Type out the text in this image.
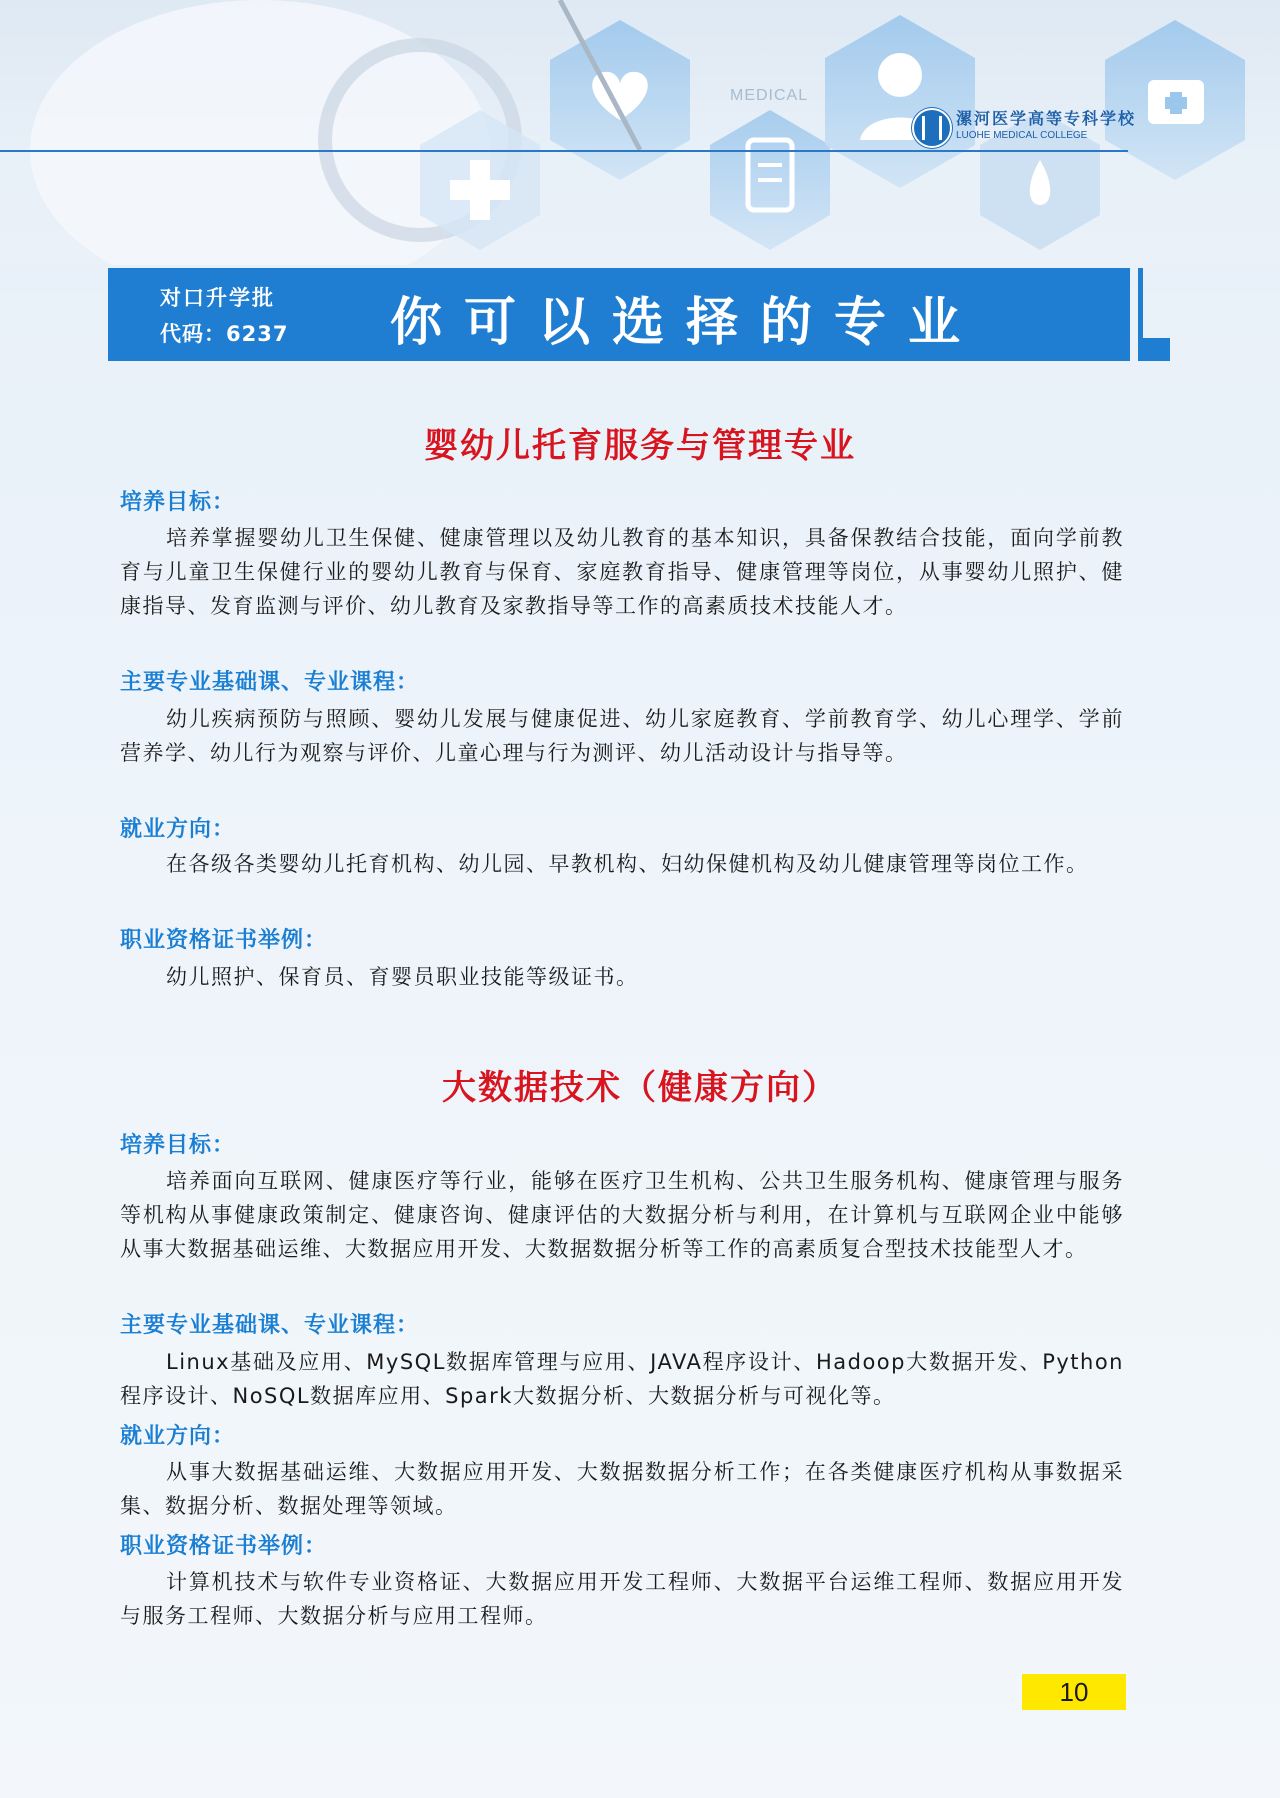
MEDICAL
漯河医学高等专科学校
LUOHE MEDICAL COLLEGE
对口升学批
代码：6237 你可以选择的专业
婴幼儿托育服务与管理专业
培养目标：

培养掌握婴幼儿卫生保健、健康管理以及幼儿教育的基本知识，具备保教结合技能，面向学前教育与儿童卫生保健行业的婴幼儿教育与保育、家庭教育指导、健康管理等岗位，从事婴幼儿照护、健康指导、发育监测与评价、幼儿教育及家教指导等工作的高素质技术技能人才。

主要专业基础课、专业课程：

幼儿疾病预防与照顾、婴幼儿发展与健康促进、幼儿家庭教育、学前教育学、幼儿心理学、学前营养学、幼儿行为观察与评价、儿童心理与行为测评、幼儿活动设计与指导等。

就业方向：

在各级各类婴幼儿托育机构、幼儿园、早教机构、妇幼保健机构及幼儿健康管理等岗位工作。

职业资格证书举例：

幼儿照护、保育员、育婴员职业技能等级证书。

大数据技术（健康方向）
培养目标：

培养面向互联网、健康医疗等行业，能够在医疗卫生机构、公共卫生服务机构、健康管理与服务等机构从事健康政策制定、健康咨询、健康评估的大数据分析与利用，在计算机与互联网企业中能够从事大数据基础运维、大数据应用开发、大数据数据分析等工作的高素质复合型技术技能型人才。

主要专业基础课、专业课程：

Linux基础及应用、MySQL数据库管理与应用、JAVA程序设计、Hadoop大数据开发、Python程序设计、NoSQL数据库应用、Spark大数据分析、大数据分析与可视化等。

就业方向：

从事大数据基础运维、大数据应用开发、大数据数据分析工作；在各类健康医疗机构从事数据采集、数据分析、数据处理等领域。

职业资格证书举例：

计算机技术与软件专业资格证、大数据应用开发工程师、大数据平台运维工程师、数据应用开发与服务工程师、大数据分析与应用工程师。

10
